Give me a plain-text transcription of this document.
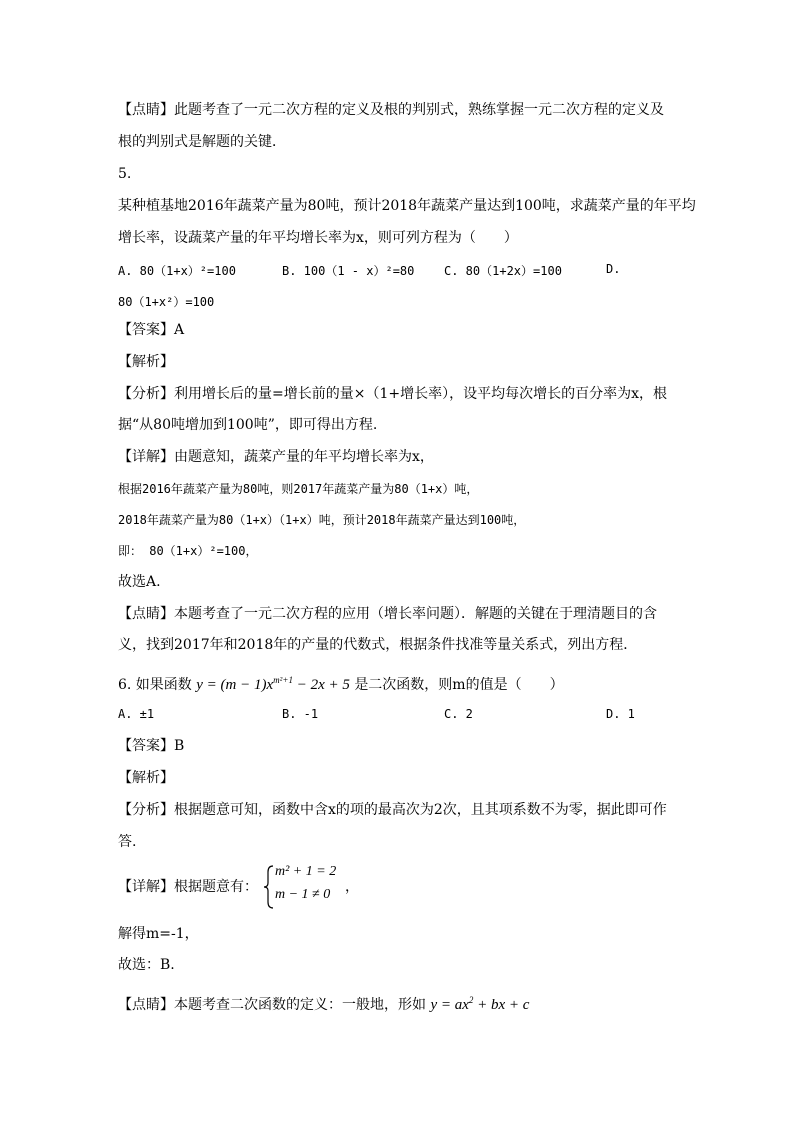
【点睛】此题考查了一元二次方程的定义及根的判别式，熟练掌握一元二次方程的定义及
根的判别式是解题的关键．
5.
某种植基地2016年蔬菜产量为80吨，预计2018年蔬菜产量达到100吨，求蔬菜产量的年平均
增长率，设蔬菜产量的年平均增长率为x，则可列方程为（　　）
A. 80（1+x）²=100	B. 100（1 - x）²=80 C. 80（1+2x）=100	D.
80（1+x²）=100
【答案】A
【解析】
【分析】利用增长后的量=增长前的量×（1+增长率），设平均每次增长的百分率为x，根
据“从80吨增加到100吨”，即可得出方程.
【详解】由题意知，蔬菜产量的年平均增长率为x，
根据2016年蔬菜产量为80吨，则2017年蔬菜产量为80（1+x）吨，
2018年蔬菜产量为80（1+x）（1+x）吨，预计2018年蔬菜产量达到100吨，
即： 80（1+x）²=100，
故选A.
【点睛】本题考查了一元二次方程的应用（增长率问题）．解题的关键在于理清题目的含
义，找到2017年和2018年的产量的代数式，根据条件找准等量关系式，列出方程．
6. 如果函数 $y = (m - 1)x^{m^2+1} - 2x + 5$ 是二次函数，则m的值是（　　）
A. ±1	B. -1	C. 2	D. 1
【答案】B
【解析】
【分析】根据题意可知，函数中含x的项的最高次为2次，且其项系数不为零，据此即可作
答.
【详解】根据题意有：
m² + 1 = 2
m − 1 ≠ 0 ，
解得m=-1，
故选：B.
【点睛】本题考查二次函数的定义：一般地，形如 $y = ax^2$ + bx + c
